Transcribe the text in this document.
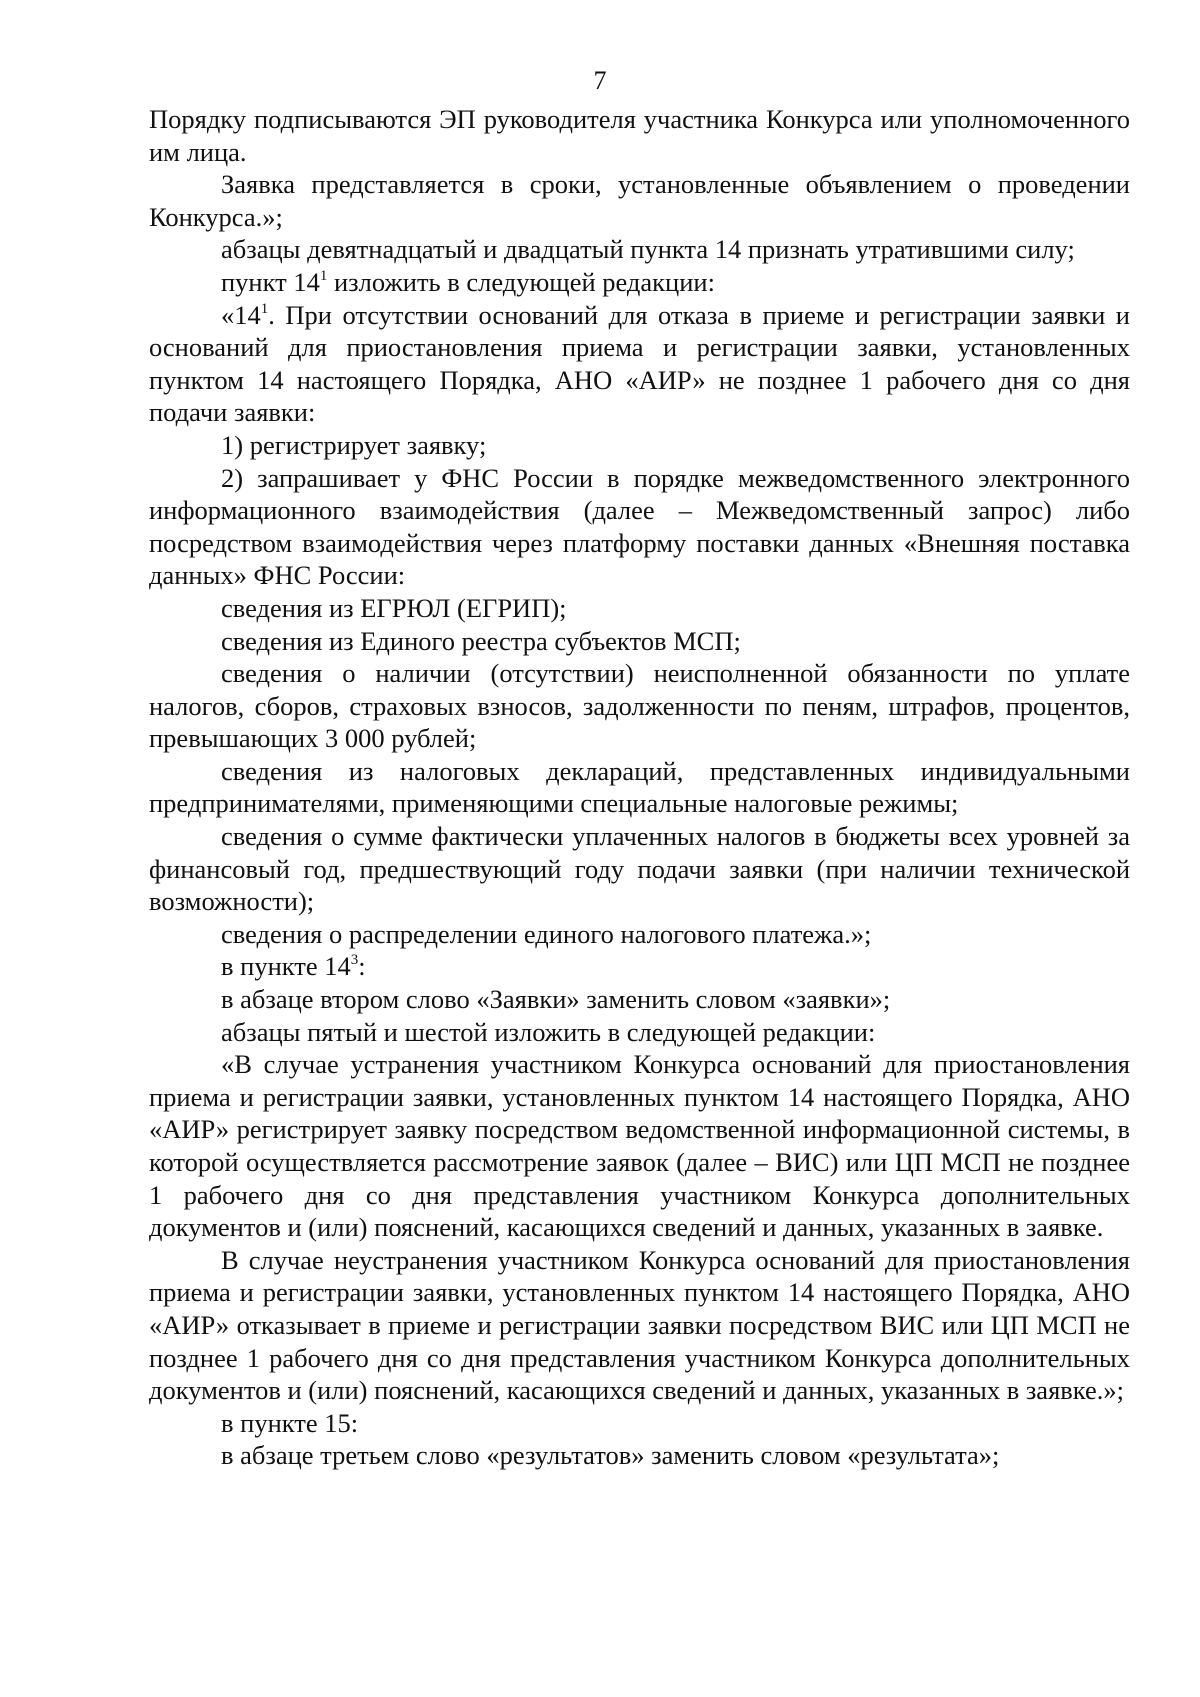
7

Порядку подписываются ЭП руководителя участника Конкурса или уполномоченного им лица.

Заявка представляется в сроки, установленные объявлением о проведении Конкурса.»;

абзацы девятнадцатый и двадцатый пункта 14 признать утратившими силу;

пункт $14^1$ изложить в следующей редакции:

«$14^1$. При отсутствии оснований для отказа в приеме и регистрации заявки и оснований для приостановления приема и регистрации заявки, установленных пунктом 14 настоящего Порядка, АНО «АИР» не позднее 1 рабочего дня со дня подачи заявки:

1) регистрирует заявку;

2) запрашивает у ФНС России в порядке межведомственного электронного информационного взаимодействия (далее – Межведомственный запрос) либо посредством взаимодействия через платформу поставки данных «Внешняя поставка данных» ФНС России:

сведения из ЕГРЮЛ (ЕГРИП);

сведения из Единого реестра субъектов МСП;

сведения о наличии (отсутствии) неисполненной обязанности по уплате налогов, сборов, страховых взносов, задолженности по пеням, штрафов, процентов, превышающих 3 000 рублей;

сведения из налоговых деклараций, представленных индивидуальными предпринимателями, применяющими специальные налоговые режимы;

сведения о сумме фактически уплаченных налогов в бюджеты всех уровней за финансовый год, предшествующий году подачи заявки (при наличии технической возможности);

сведения о распределении единого налогового платежа.»;

в пункте $14^3$:

в абзаце втором слово «Заявки» заменить словом «заявки»;

абзацы пятый и шестой изложить в следующей редакции:

«В случае устранения участником Конкурса оснований для приостановления приема и регистрации заявки, установленных пунктом 14 настоящего Порядка, АНО «АИР» регистрирует заявку посредством ведомственной информационной системы, в которой осуществляется рассмотрение заявок (далее – ВИС) или ЦП МСП не позднее 1 рабочего дня со дня представления участником Конкурса дополнительных документов и (или) пояснений, касающихся сведений и данных, указанных в заявке.

В случае неустранения участником Конкурса оснований для приостановления приема и регистрации заявки, установленных пунктом 14 настоящего Порядка, АНО «АИР» отказывает в приеме и регистрации заявки посредством ВИС или ЦП МСП не позднее 1 рабочего дня со дня представления участником Конкурса дополнительных документов и (или) пояснений, касающихся сведений и данных, указанных в заявке.»;

в пункте 15:

в абзаце третьем слово «результатов» заменить словом «результата»;
